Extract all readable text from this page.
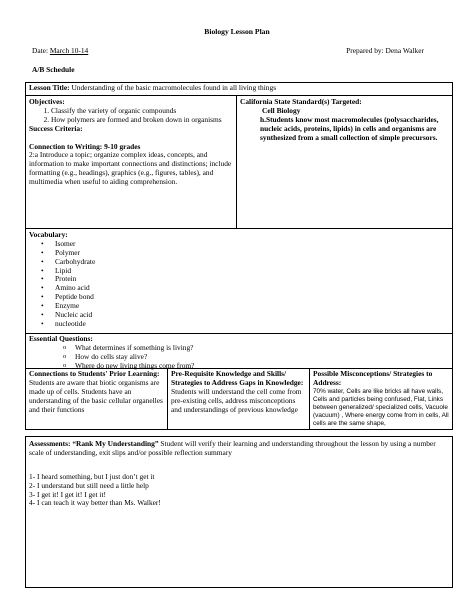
Biology Lesson Plan
Date: March 10-14	Prepared by: Dena Walker
A/B Schedule
Lesson Title: Understanding of the basic macromolecules found in all living things
Objectives:
1. Classify the variety of organic compounds
2. How polymers are formed and broken down in organisms
Success Criteria:
Connection to Writing: 9-10 grades

2:a Introduce a topic; organize complex ideas, concepts, and information to make important connections and distinctions; include formatting (e.g., headings), graphics (e.g., figures, tables), and multimedia when useful to aiding comprehension.

California State Standard(s) Targeted:

Cell Biology

h.Students know most macromolecules (polysaccharides, nucleic acids, proteins, lipids) in cells and organisms are synthesized from a small collection of simple precursors.

Vocabulary:
• Isomer
• Polymer
• Carbohydrate
• Lipid
• Protein
• Amino acid
• Peptide bond
• Enzyme
• Nucleic acid
• nucleotide
Essential Questions:
o What determines if something is living?
o How do cells stay alive?
o Where do new living things come from?

Connections to Students' Prior Learning: Students are aware that biotic organisms are made up of cells. Students have an understanding of the basic cellular organelles and their functions

Pre-Requisite Knowledge and Skills/ Strategies to Address Gaps in Knowledge: Students will understand the cell come from pre-existing cells, address misconceptions and understandings of previous knowledge

Possible Misconceptions/ Strategies to Address:

70% water, Cells are like bricks all have walls, Cells and particles being confused, Flat, Links between generalized/ specialized cells, Vacuole (vacuum) , Where energy come from in cells, All cells are the same shape,

Assessments: “Rank My Understanding” Student will verify their learning and understanding throughout the lesson by using a number scale of understanding, exit slips and/or possible reflection summary

1- I heard something, but I just don’t get it

2- I understand but still need a little help

3- I get it! I get it! I get it!

4- I can teach it way better than Ms. Walker!
